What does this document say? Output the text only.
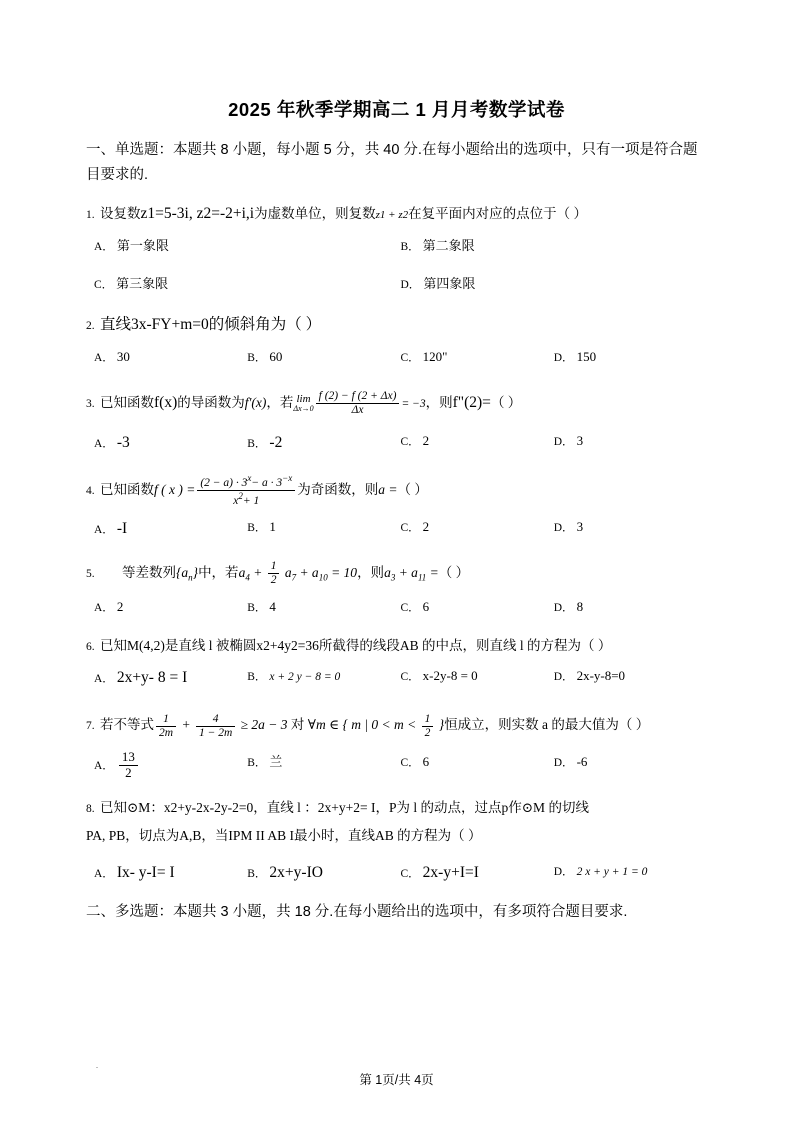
2025 年秋季学期高二 1 月月考数学试卷
一、单选题：本题共 8 小题，每小题 5 分，共 40 分.在每小题给出的选项中，只有一项是符合题目要求的.
1. 设复数z1=5-3i, z2=-2+i,i为虚数单位，则复数z1 + z2在复平面内对应的点位于（ ）
A． 第一象限	B． 第二象限
C． 第三象限	D． 第四象限
2. 直线3x-FY+m=0的倾斜角为（ ）
A． 30	B． 60	C． 120"	D． 150
3. 已知函数f(x)的导函数为f'(x)，若 lim
$\Delta x\to 0 \frac{f (2) - f (2 + \Delta x)}{\Delta x} = -3$，则f"(2)=（ ）
A． -3	B． -2	C． 2	D． 3
4. 已知函数f ( x ) = $\frac{(2 - a) \cdot 3^x- a \cdot 3^{-x}}{x^2+ 1}$ 为奇函数，则a =（ ）
A． -I	B． 1	C． 2	D． 3
5. 等差数列$\{a_n\}$中，若$a_4 + \frac{1}{2} a_7 + a_{10} = 10$，则$a_3 + a_{11}$ =（ ）
A． 2	B． 4	C． 6	D． 8
6. 已知M(4,2)是直线 l 被椭圆x2+4y2=36所截得的线段AB 的中点，则直线 l 的方程为（ ）
A． 2x+y- 8 = I	B． x + 2 y − 8 = 0	C． x-2y-8 = 0	D． 2x-y-8=0
7. 若不等式 $\frac{1}{2m} + \frac{4}{1 - 2m} \ge 2a - 3$ 对 ∀m ∈ { m | $0 < m < \frac{1}{2}$ }恒成立，则实数 a 的最大值为（ ）
A． $\frac{13}{2}$	B． 兰	C． 6	D． -6
8. 已知⊙M：x2+y-2x-2y-2=0，直线 l ：2x+y+2= I，P为 l 的动点，过点p作⊙M 的切线
PA, PB，切点为A,B，当IPM II AB I最小时，直线AB 的方程为（ ）
A． Ix- y-I= I	B． 2x+y-IO	C． 2x-y+I=I	D． 2 x + y + 1 = 0
二、多选题：本题共 3 小题，共 18 分.在每小题给出的选项中，有多项符合题目要求.
.
第 1页/共 4页
